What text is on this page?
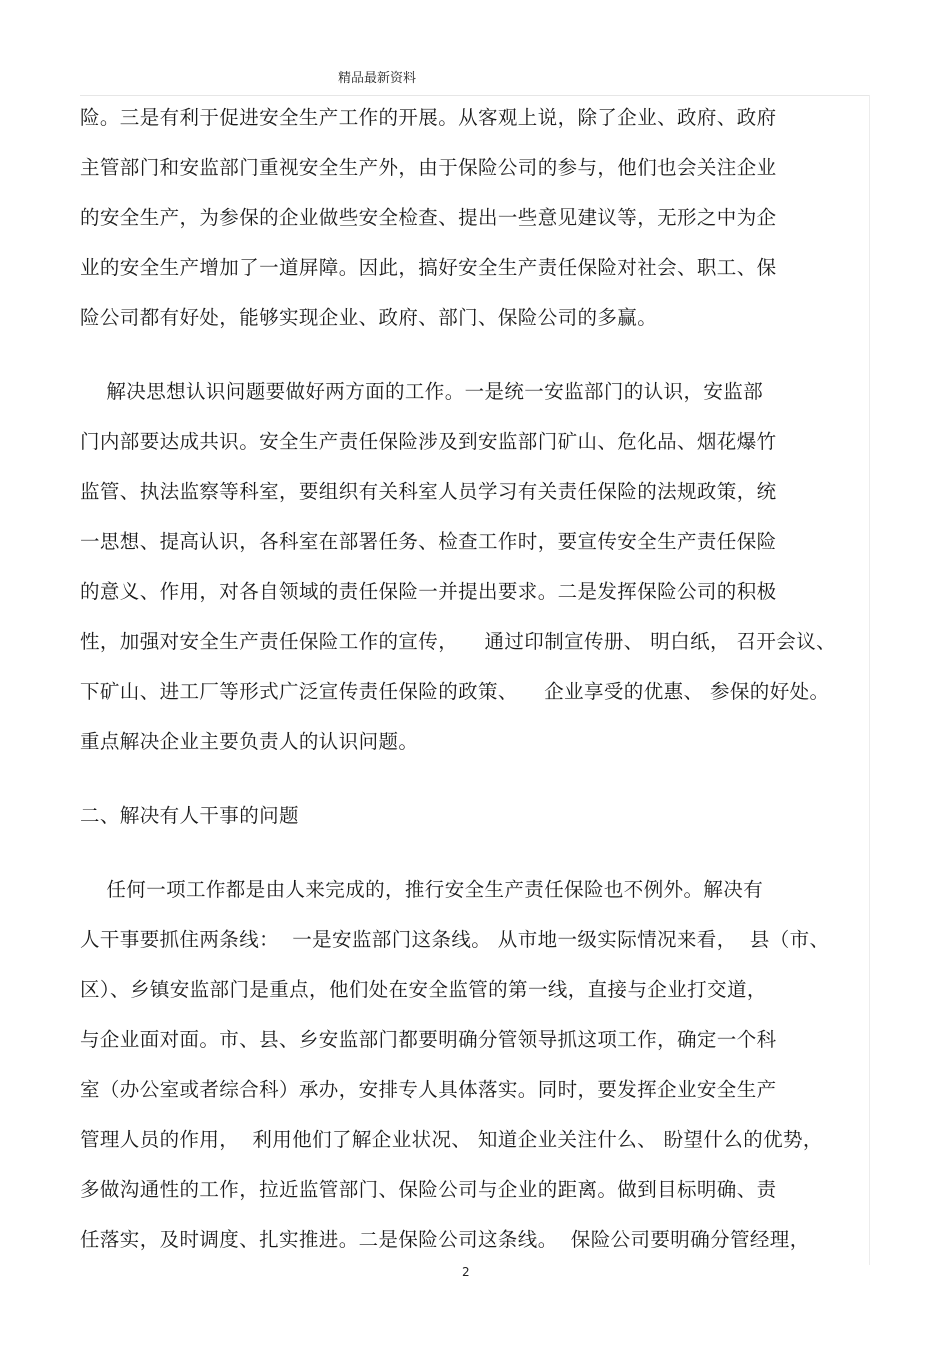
精品最新资料
险。三是有利于促进安全生产工作的开展。从客观上说，除了企业、政府、政府
主管部门和安监部门重视安全生产外，由于保险公司的参与，他们也会关注企业
的安全生产，为参保的企业做些安全检查、提出一些意见建议等，无形之中为企
业的安全生产增加了一道屏障。因此，搞好安全生产责任保险对社会、职工、保
险公司都有好处，能够实现企业、政府、部门、保险公司的多赢。
解决思想认识问题要做好两方面的工作。一是统一安监部门的认识，安监部
门内部要达成共识。安全生产责任保险涉及到安监部门矿山、危化品、烟花爆竹
监管、执法监察等科室，要组织有关科室人员学习有关责任保险的法规政策，统
一思想、提高认识，各科室在部署任务、检查工作时，要宣传安全生产责任保险
的意义、作用，对各自领域的责任保险一并提出要求。二是发挥保险公司的积极
性，加强对安全生产责任保险工作的宣传，    通过印制宣传册、 明白纸， 召开会议、
下矿山、进工厂等形式广泛宣传责任保险的政策、    企业享受的优惠、 参保的好处。
重点解决企业主要负责人的认识问题。
二、解决有人干事的问题
任何一项工作都是由人来完成的，推行安全生产责任保险也不例外。解决有
人干事要抓住两条线：  一是安监部门这条线。 从市地一级实际情况来看，  县（市、
区）、乡镇安监部门是重点，他们处在安全监管的第一线，直接与企业打交道，
与企业面对面。市、县、乡安监部门都要明确分管领导抓这项工作，确定一个科
室（办公室或者综合科）承办，安排专人具体落实。同时，要发挥企业安全生产
管理人员的作用，  利用他们了解企业状况、 知道企业关注什么、 盼望什么的优势，
多做沟通性的工作，拉近监管部门、保险公司与企业的距离。做到目标明确、责
任落实，及时调度、扎实推进。二是保险公司这条线。  保险公司要明确分管经理，
2
